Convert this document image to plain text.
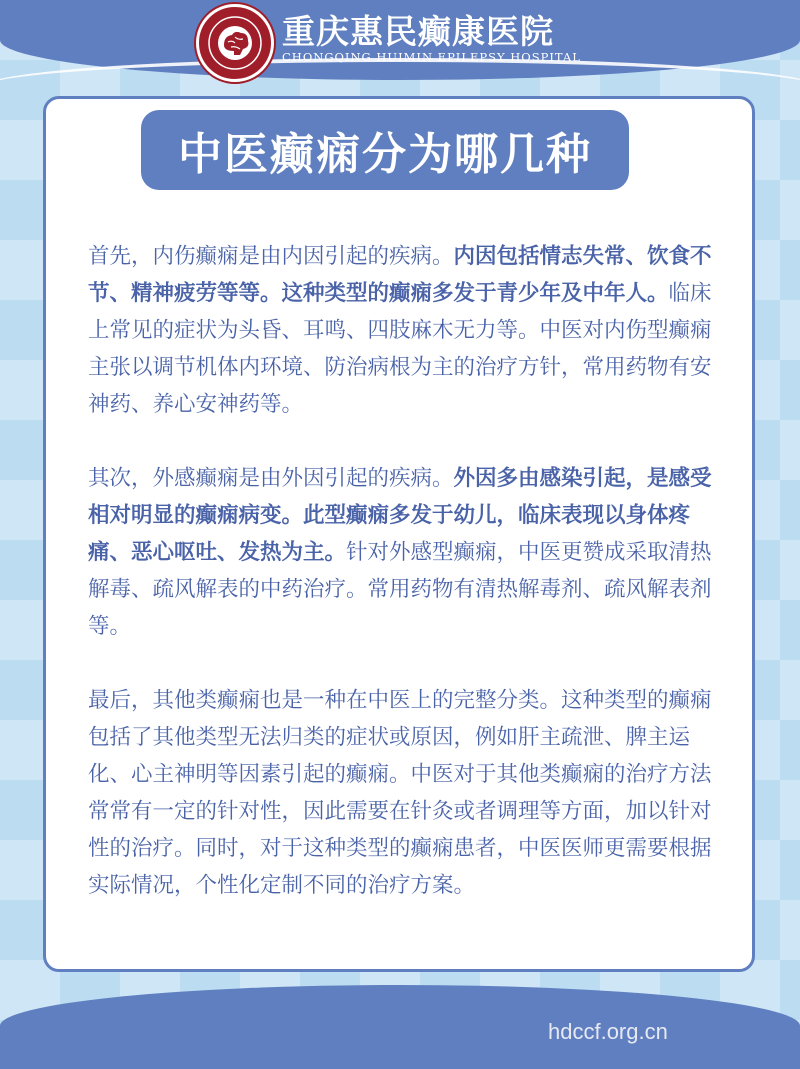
重庆惠民癫康医院
CHONGQING HUIMIN EPILEPSY HOSPITAL
中医癫痫分为哪几种

首先，内伤癫痫是由内因引起的疾病。内因包括情志失常、饮食不节、精神疲劳等等。这种类型的癫痫多发于青少年及中年人。临床上常见的症状为头昏、耳鸣、四肢麻木无力等。中医对内伤型癫痫主张以调节机体内环境、防治病根为主的治疗方针，常用药物有安神药、养心安神药等。

其次，外感癫痫是由外因引起的疾病。外因多由感染引起，是感受相对明显的癫痫病变。此型癫痫多发于幼儿，临床表现以身体疼痛、恶心呕吐、发热为主。针对外感型癫痫，中医更赞成采取清热解毒、疏风解表的中药治疗。常用药物有清热解毒剂、疏风解表剂等。

最后，其他类癫痫也是一种在中医上的完整分类。这种类型的癫痫包括了其他类型无法归类的症状或原因，例如肝主疏泄、脾主运化、心主神明等因素引起的癫痫。中医对于其他类癫痫的治疗方法常常有一定的针对性，因此需要在针灸或者调理等方面，加以针对性的治疗。同时，对于这种类型的癫痫患者，中医医师更需要根据实际情况，个性化定制不同的治疗方案。

hdccf.org.cn
